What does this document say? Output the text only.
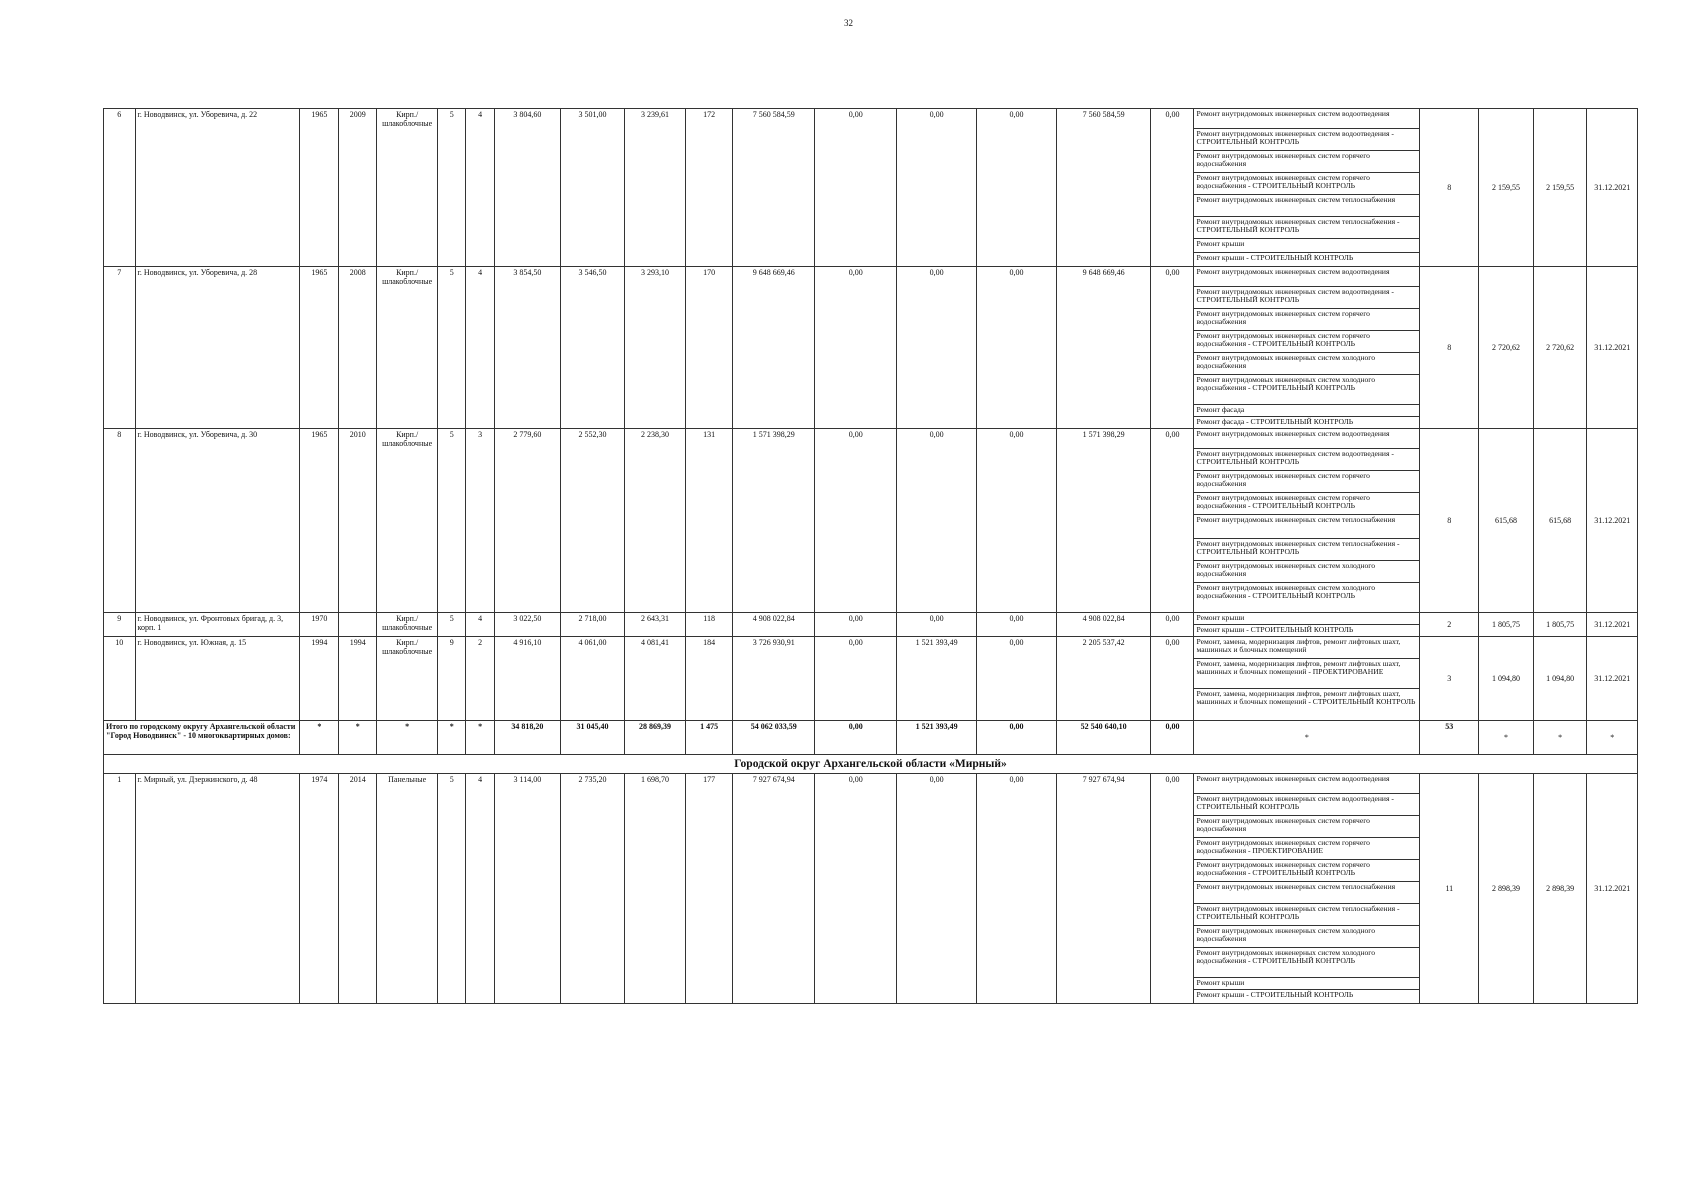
32
6	г. Новодвинск, ул. Уборевича, д. 22	1965	2009	Кирп./ шлакоблочные	5	4	3 804,60	3 501,00	3 239,61	172	7 560 584,59	0,00	0,00	0,00	7 560 584,59	0,00	Ремонт внутридомовых инженерных систем водоотведения	8	2 159,55	2 159,55	31.12.2021
																	Ремонт внутридомовых инженерных систем водоотведения - СТРОИТЕЛЬНЫЙ КОНТРОЛЬ				
																	Ремонт внутридомовых инженерных систем горячего водоснабжения				
																	Ремонт внутридомовых инженерных систем горячего водоснабжения - СТРОИТЕЛЬНЫЙ КОНТРОЛЬ				
																	Ремонт внутридомовых инженерных систем теплоснабжения				
																	Ремонт внутридомовых инженерных систем теплоснабжения - СТРОИТЕЛЬНЫЙ КОНТРОЛЬ				
																	Ремонт крыши				
																	Ремонт крыши - СТРОИТЕЛЬНЫЙ КОНТРОЛЬ				
7	г. Новодвинск, ул. Уборевича, д. 28	1965	2008	Кирп./ шлакоблочные	5	4	3 854,50	3 546,50	3 293,10	170	9 648 669,46	0,00	0,00	0,00	9 648 669,46	0,00	Ремонт внутридомовых инженерных систем водоотведения	8	2 720,62	2 720,62	31.12.2021
																	Ремонт внутридомовых инженерных систем водоотведения - СТРОИТЕЛЬНЫЙ КОНТРОЛЬ				
																	Ремонт внутридомовых инженерных систем горячего водоснабжения				
																	Ремонт внутридомовых инженерных систем горячего водоснабжения - СТРОИТЕЛЬНЫЙ КОНТРОЛЬ				
																	Ремонт внутридомовых инженерных систем холодного водоснабжения				
																	Ремонт внутридомовых инженерных систем холодного водоснабжения - СТРОИТЕЛЬНЫЙ КОНТРОЛЬ				
																	Ремонт фасада				
																	Ремонт фасада - СТРОИТЕЛЬНЫЙ КОНТРОЛЬ				
8	г. Новодвинск, ул. Уборевича, д. 30	1965	2010	Кирп./ шлакоблочные	5	3	2 779,60	2 552,30	2 238,30	131	1 571 398,29	0,00	0,00	0,00	1 571 398,29	0,00	Ремонт внутридомовых инженерных систем водоотведения	8	615,68	615,68	31.12.2021
																	Ремонт внутридомовых инженерных систем водоотведения - СТРОИТЕЛЬНЫЙ КОНТРОЛЬ				
																	Ремонт внутридомовых инженерных систем горячего водоснабжения				
																	Ремонт внутридомовых инженерных систем горячего водоснабжения - СТРОИТЕЛЬНЫЙ КОНТРОЛЬ				
																	Ремонт внутридомовых инженерных систем теплоснабжения				
																	Ремонт внутридомовых инженерных систем теплоснабжения - СТРОИТЕЛЬНЫЙ КОНТРОЛЬ				
																	Ремонт внутридомовых инженерных систем холодного водоснабжения				
																	Ремонт внутридомовых инженерных систем холодного водоснабжения - СТРОИТЕЛЬНЫЙ КОНТРОЛЬ				
9	г. Новодвинск, ул. Фронтовых бригад, д. 3, корп. 1	1970		Кирп./ шлакоблочные	5	4	3 022,50	2 718,00	2 643,31	118	4 908 022,84	0,00	0,00	0,00	4 908 022,84	0,00	Ремонт крыши	2	1 805,75	1 805,75	31.12.2021
																	Ремонт крыши - СТРОИТЕЛЬНЫЙ КОНТРОЛЬ				
10	г. Новодвинск, ул. Южная, д. 15	1994	1994	Кирп./ шлакоблочные	9	2	4 916,10	4 061,00	4 081,41	184	3 726 930,91	0,00	1 521 393,49	0,00	2 205 537,42	0,00	Ремонт, замена, модернизация лифтов, ремонт лифтовых шахт, машинных и блочных помещений	3	1 094,80	1 094,80	31.12.2021
																	Ремонт, замена, модернизация лифтов, ремонт лифтовых шахт, машинных и блочных помещений - ПРОЕКТИРОВАНИЕ				
																	Ремонт, замена, модернизация лифтов, ремонт лифтовых шахт, машинных и блочных помещений - СТРОИТЕЛЬНЫЙ КОНТРОЛЬ				
Итого по городскому округу Архангельской области "Город Новодвинск" - 10 многоквартирных домов:		*	*	*	*	*	34 818,20	31 045,40	28 869,39	1 475	54 062 033,59	0,00	1 521 393,49	0,00	52 540 640,10	0,00	*	53	*	*	*
Городской округ Архангельской области «Мирный»																					
1	г. Мирный, ул. Дзержинского, д. 48	1974	2014	Панельные	5	4	3 114,00	2 735,20	1 698,70	177	7 927 674,94	0,00	0,00	0,00	7 927 674,94	0,00	Ремонт внутридомовых инженерных систем водоотведения	11	2 898,39	2 898,39	31.12.2021
																	Ремонт внутридомовых инженерных систем водоотведения - СТРОИТЕЛЬНЫЙ КОНТРОЛЬ				
																	Ремонт внутридомовых инженерных систем горячего водоснабжения				
																	Ремонт внутридомовых инженерных систем горячего водоснабжения - ПРОЕКТИРОВАНИЕ				
																	Ремонт внутридомовых инженерных систем горячего водоснабжения - СТРОИТЕЛЬНЫЙ КОНТРОЛЬ				
																	Ремонт внутридомовых инженерных систем теплоснабжения				
																	Ремонт внутридомовых инженерных систем теплоснабжения - СТРОИТЕЛЬНЫЙ КОНТРОЛЬ				
																	Ремонт внутридомовых инженерных систем холодного водоснабжения				
																	Ремонт внутридомовых инженерных систем холодного водоснабжения - СТРОИТЕЛЬНЫЙ КОНТРОЛЬ				
																	Ремонт крыши				
																	Ремонт крыши - СТРОИТЕЛЬНЫЙ КОНТРОЛЬ				
